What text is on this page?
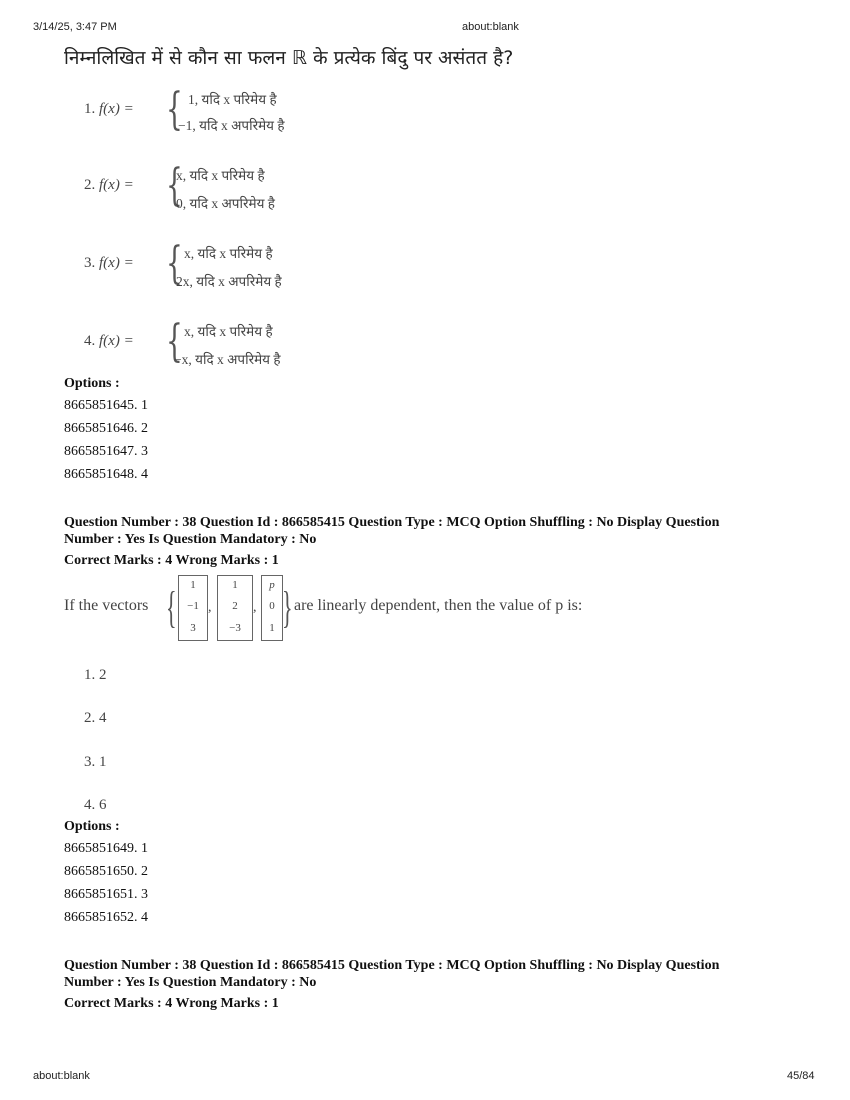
3/14/25, 3:47 PM	about:blank
निम्नलिखित में से कौन सा फलन ℝ के प्रत्येक बिंदु पर असंतत है?
1. f(x) = { 1, यदि x परिमेय है
−1, यदि x अपरिमेय है
2. f(x) = {
x, यदि x परिमेय है
0, यदि x अपरिमेय है
3. f(x) = { x, यदि x परिमेय है
2x, यदि x अपरिमेय है
4. f(x) = { x, यदि x परिमेय है
−x, यदि x अपरिमेय है
Options :
8665851645. 1
8665851646. 2
8665851647. 3
8665851648. 4
Question Number : 38 Question Id : 866585415 Question Type : MCQ Option Shuffling : No Display Question
Number : Yes Is Question Mandatory : No
Correct Marks : 4 Wrong Marks : 1
If the vectors {	1
−1
3
,
1
2
−3
,
p
0
1 } are linearly dependent, then the value of p is:
1. 2
2. 4
3. 1
4. 6
Options :
8665851649. 1
8665851650. 2
8665851651. 3
8665851652. 4
Question Number : 38 Question Id : 866585415 Question Type : MCQ Option Shuffling : No Display Question
Number : Yes Is Question Mandatory : No
Correct Marks : 4 Wrong Marks : 1
about:blank	45/84
